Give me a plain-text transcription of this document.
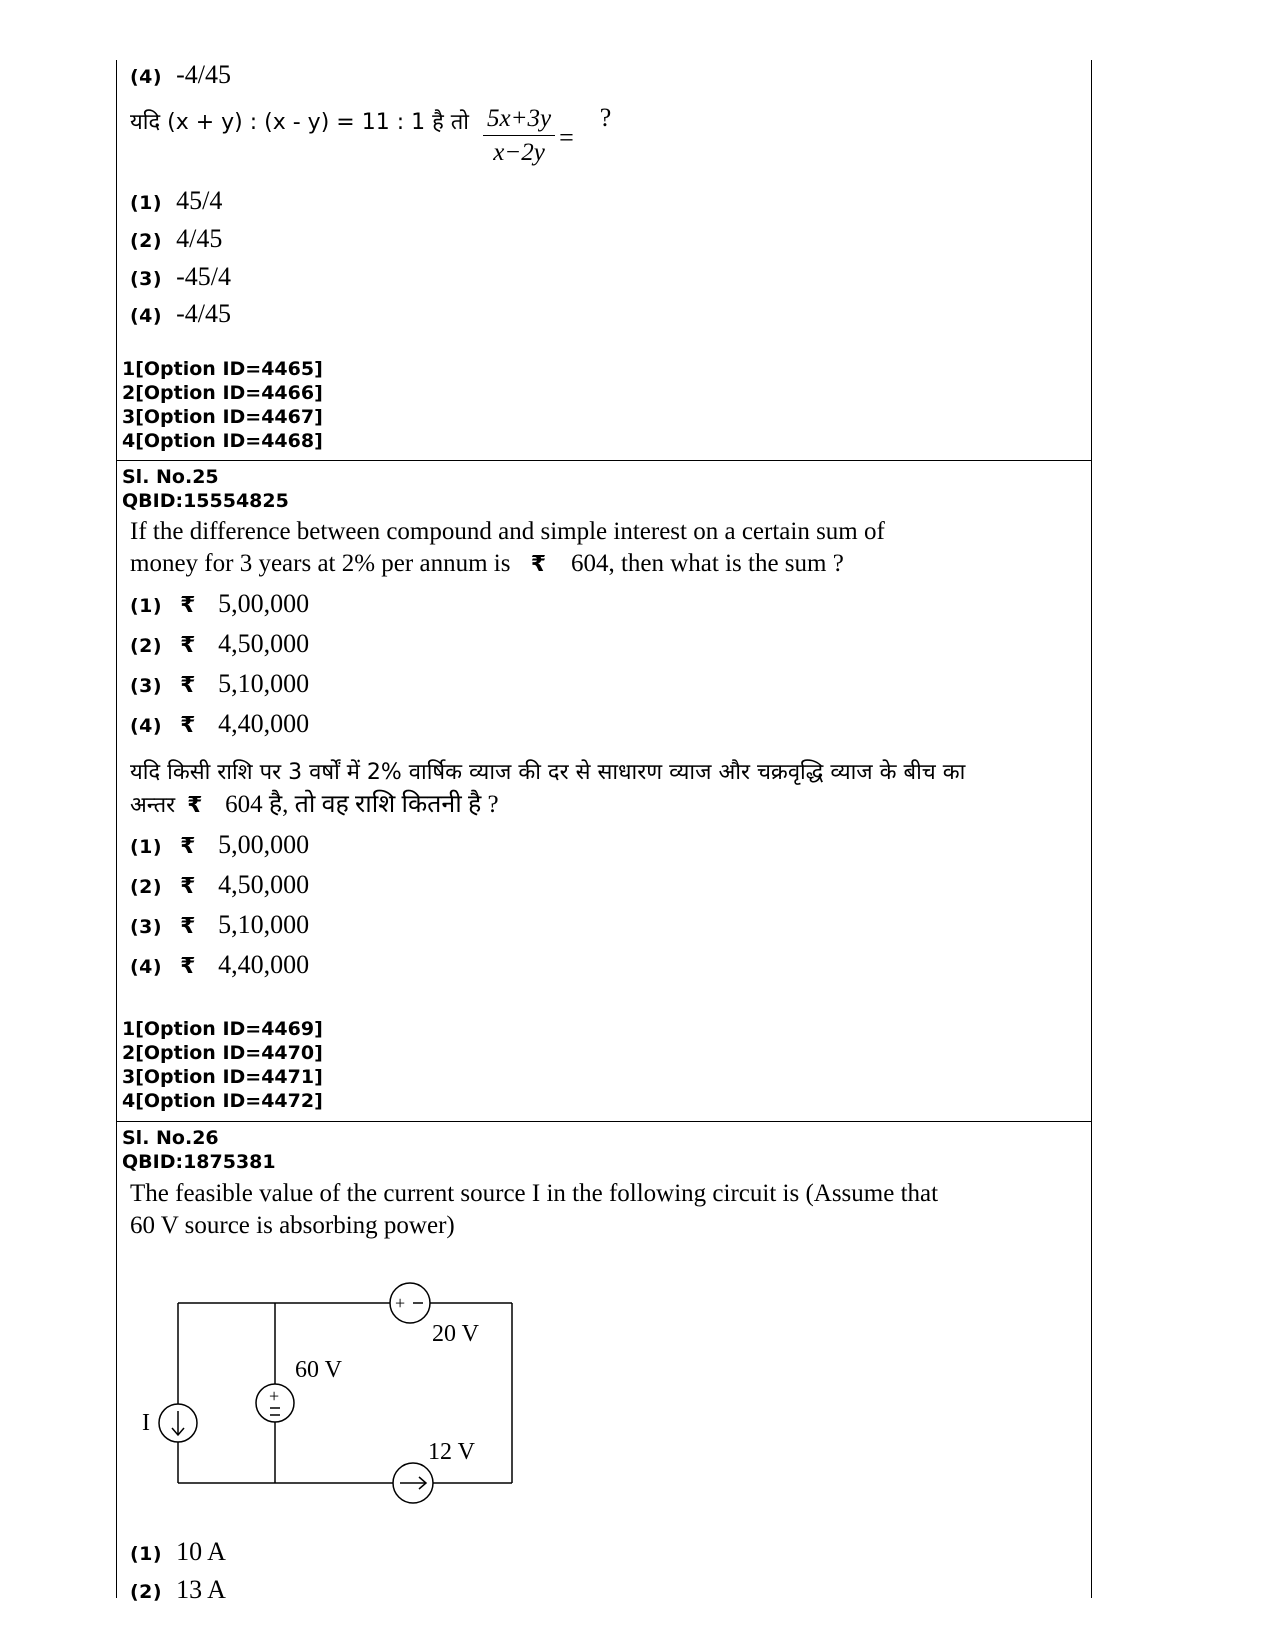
(4) -4/45
यदि (x + y) : (x - y) = 11 : 1 है तो $\frac{5x+3y}{x-2y}$ = ?
(1) 45/4
(2) 4/45
(3) -45/4
(4) -4/45
1[Option ID=4465]
2[Option ID=4466]
3[Option ID=4467]
4[Option ID=4468]
Sl. No.25
QBID:15554825
If the difference between compound and simple interest on a certain sum of
money for 3 years at 2% per annum is ₹ 604, then what is the sum ?
(1) ₹ 5,00,000
(2) ₹ 4,50,000
(3) ₹ 5,10,000
(4) ₹ 4,40,000
यदि किसी राशि पर 3 वर्षों में 2% वार्षिक व्याज की दर से साधारण व्याज और चक्रवृद्धि व्याज के बीच का
अन्तर ₹ 604 है, तो वह राशि कितनी है ?
(1) ₹ 5,00,000
(2) ₹ 4,50,000
(3) ₹ 5,10,000
(4) ₹ 4,40,000
1[Option ID=4469]
2[Option ID=4470]
3[Option ID=4471]
4[Option ID=4472]
Sl. No.26
QBID:1875381
The feasible value of the current source I in the following circuit is (Assume that
60 V source is absorbing power)
I
+
60 V
+
20 V
12 V
(1) 10 A
(2) 13 A
